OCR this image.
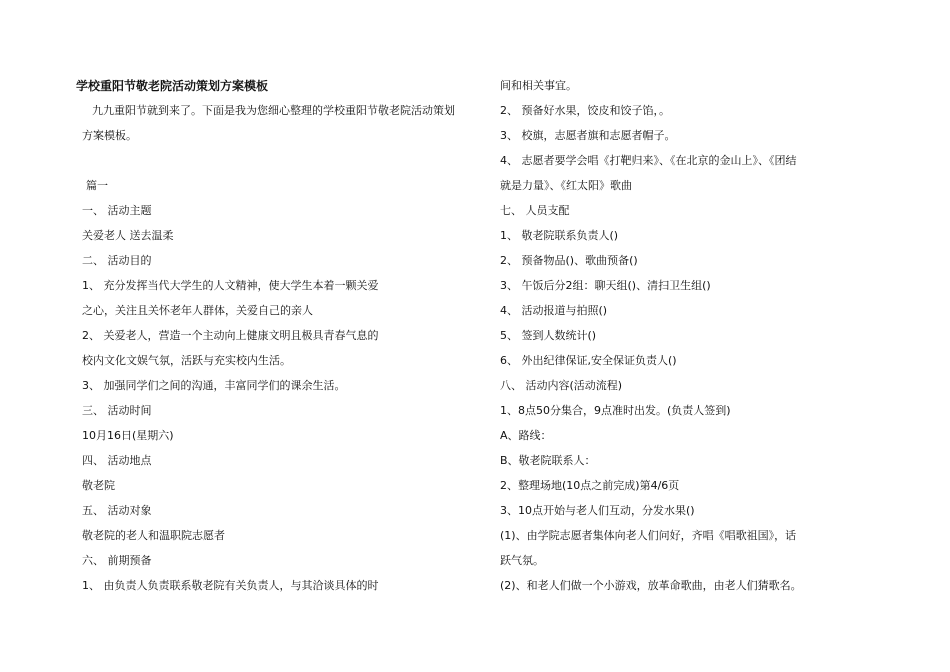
学校重阳节敬老院活动策划方案模板
九九重阳节就到来了。下面是我为您细心整理的学校重阳节敬老院活动策划
方案模板。
篇一
一、 活动主题
关爱老人 送去温柔
二、 活动目的
1、 充分发挥当代大学生的人文精神，使大学生本着一颗关爱
之心，关注且关怀老年人群体，关爱自己的亲人
2、 关爱老人，营造一个主动向上健康文明且极具青春气息的
校内文化文娱气氛，活跃与充实校内生活。
3、 加强同学们之间的沟通，丰富同学们的课余生活。
三、 活动时间
10月16日(星期六)
四、 活动地点
敬老院
五、 活动对象
敬老院的老人和温职院志愿者
六、 前期预备
1、 由负责人负责联系敬老院有关负责人，与其洽谈具体的时
间和相关事宜。
2、 预备好水果，饺皮和饺子馅，。
3、 校旗，志愿者旗和志愿者帽子。
4、 志愿者要学会唱《打靶归来》、《在北京的金山上》、《团结
就是力量》、《红太阳》歌曲
七、 人员支配
1、 敬老院联系负责人()
2、 预备物品()、歌曲预备()
3、 午饭后分2组：聊天组()、清扫卫生组()
4、 活动报道与拍照()
5、 签到人数统计()
6、 外出纪律保证,安全保证负责人()
八、 活动内容(活动流程)
1、8点50分集合，9点准时出发。(负责人签到)
A、路线：
B、敬老院联系人：
2、整理场地(10点之前完成)第4/6页
3、10点开始与老人们互动，分发水果()
(1)、由学院志愿者集体向老人们问好，齐唱《唱歌祖国》，话
跃气氛。
(2)、和老人们做一个小游戏，放革命歌曲，由老人们猜歌名。
